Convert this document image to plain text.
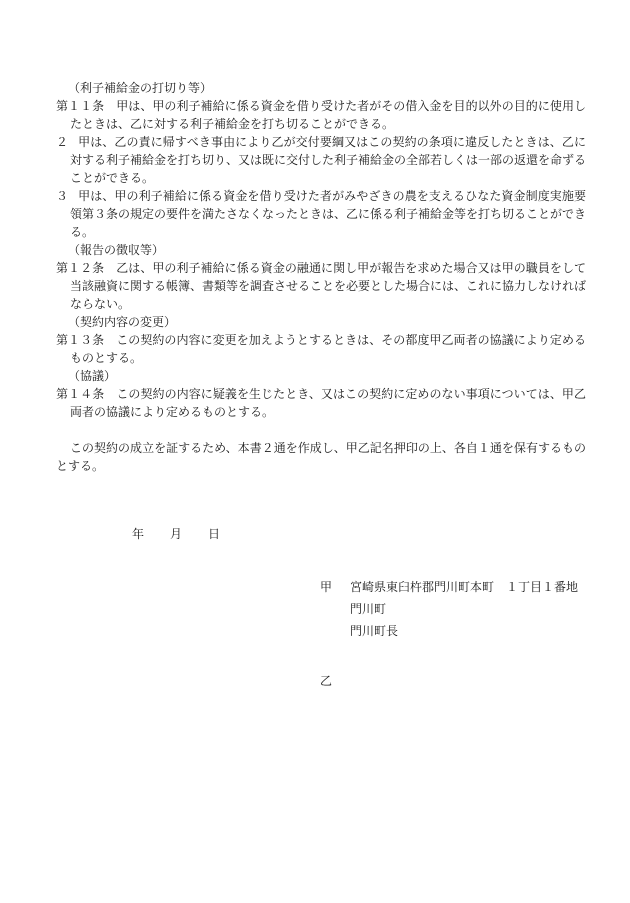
（利子補給金の打切り等）
第１１条　甲は、甲の利子補給に係る資金を借り受けた者がその借入金を目的以外の目的に使用したときは、乙に対する利子補給金を打ち切ることができる。
２ 甲は、乙の責に帰すべき事由により乙が交付要綱又はこの契約の条項に違反したときは、乙に対する利子補給金を打ち切り、又は既に交付した利子補給金の全部若しくは一部の返還を命ずることができる。
３ 甲は、甲の利子補給に係る資金を借り受けた者がみやざきの農を支えるひなた資金制度実施要領第３条の規定の要件を満たさなくなったときは、乙に係る利子補給金等を打ち切ることができる。
（報告の徴収等）
第１２条　乙は、甲の利子補給に係る資金の融通に関し甲が報告を求めた場合又は甲の職員をして当該融資に関する帳簿、書類等を調査させることを必要とした場合には、これに協力しなければならない。
（契約内容の変更）
第１３条　この契約の内容に変更を加えようとするときは、その都度甲乙両者の協議により定めるものとする。
（協議）
第１４条　この契約の内容に疑義を生じたとき、又はこの契約に定めのない事項については、甲乙両者の協議により定めるものとする。
この契約の成立を証するため、本書２通を作成し、甲乙記名押印の上、各自１通を保有するものとする。
年 月 日
甲 宮崎県東臼杵郡門川町本町　１丁目１番地
門川町
門川町長
乙
